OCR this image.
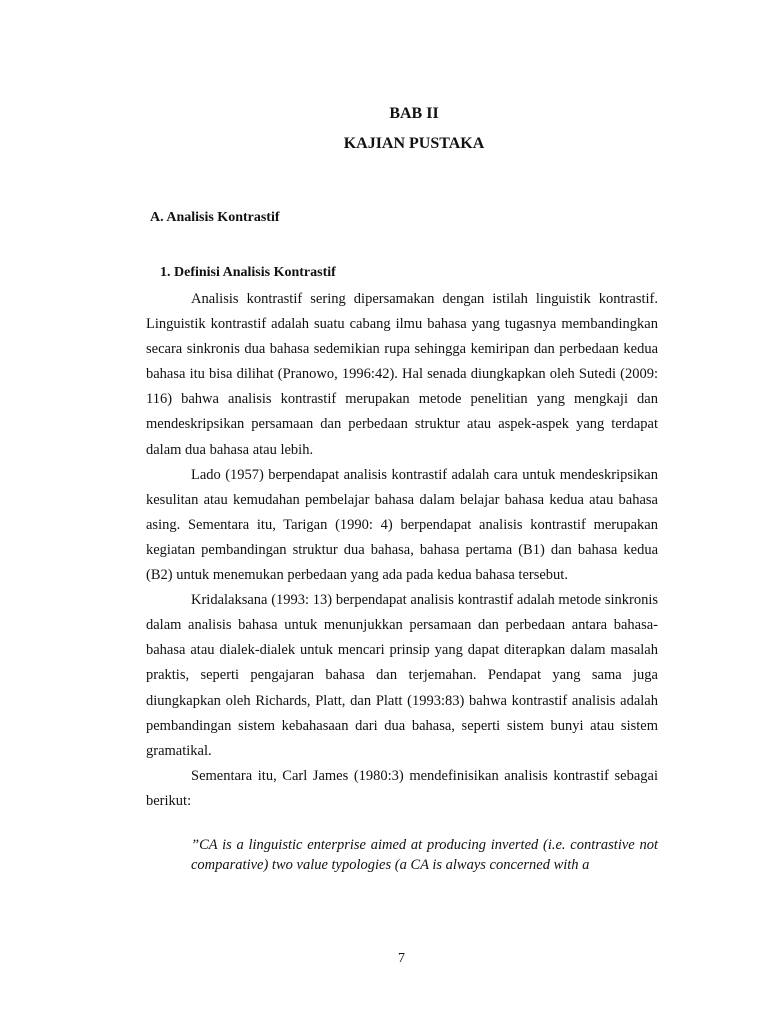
BAB II
KAJIAN PUSTAKA
A. Analisis Kontrastif
1. Definisi Analisis Kontrastif

Analisis kontrastif sering dipersamakan dengan istilah linguistik kontrastif. Linguistik kontrastif adalah suatu cabang ilmu bahasa yang tugasnya membandingkan secara sinkronis dua bahasa sedemikian rupa sehingga kemiripan dan perbedaan kedua bahasa itu bisa dilihat (Pranowo, 1996:42). Hal senada diungkapkan oleh Sutedi (2009: 116) bahwa analisis kontrastif merupakan metode penelitian yang mengkaji dan mendeskripsikan persamaan dan perbedaan struktur atau aspek-aspek yang terdapat dalam dua bahasa atau lebih.

Lado (1957) berpendapat analisis kontrastif adalah cara untuk mendeskripsikan kesulitan atau kemudahan pembelajar bahasa dalam belajar bahasa kedua atau bahasa asing. Sementara itu, Tarigan (1990: 4) berpendapat analisis kontrastif merupakan kegiatan pembandingan struktur dua bahasa, bahasa pertama (B1) dan bahasa kedua (B2) untuk menemukan perbedaan yang ada pada kedua bahasa tersebut.

Kridalaksana (1993: 13) berpendapat analisis kontrastif adalah metode sinkronis dalam analisis bahasa untuk menunjukkan persamaan dan perbedaan antara bahasa-bahasa atau dialek-dialek untuk mencari prinsip yang dapat diterapkan dalam masalah praktis, seperti pengajaran bahasa dan terjemahan. Pendapat yang sama juga diungkapkan oleh Richards, Platt, dan Platt (1993:83) bahwa kontrastif analisis adalah pembandingan sistem kebahasaan dari dua bahasa, seperti sistem bunyi atau sistem gramatikal.

Sementara itu, Carl James (1980:3) mendefinisikan analisis kontrastif sebagai berikut:

”CA is a linguistic enterprise aimed at producing inverted (i.e. contrastive not comparative) two value typologies (a CA is always concerned with a

7
